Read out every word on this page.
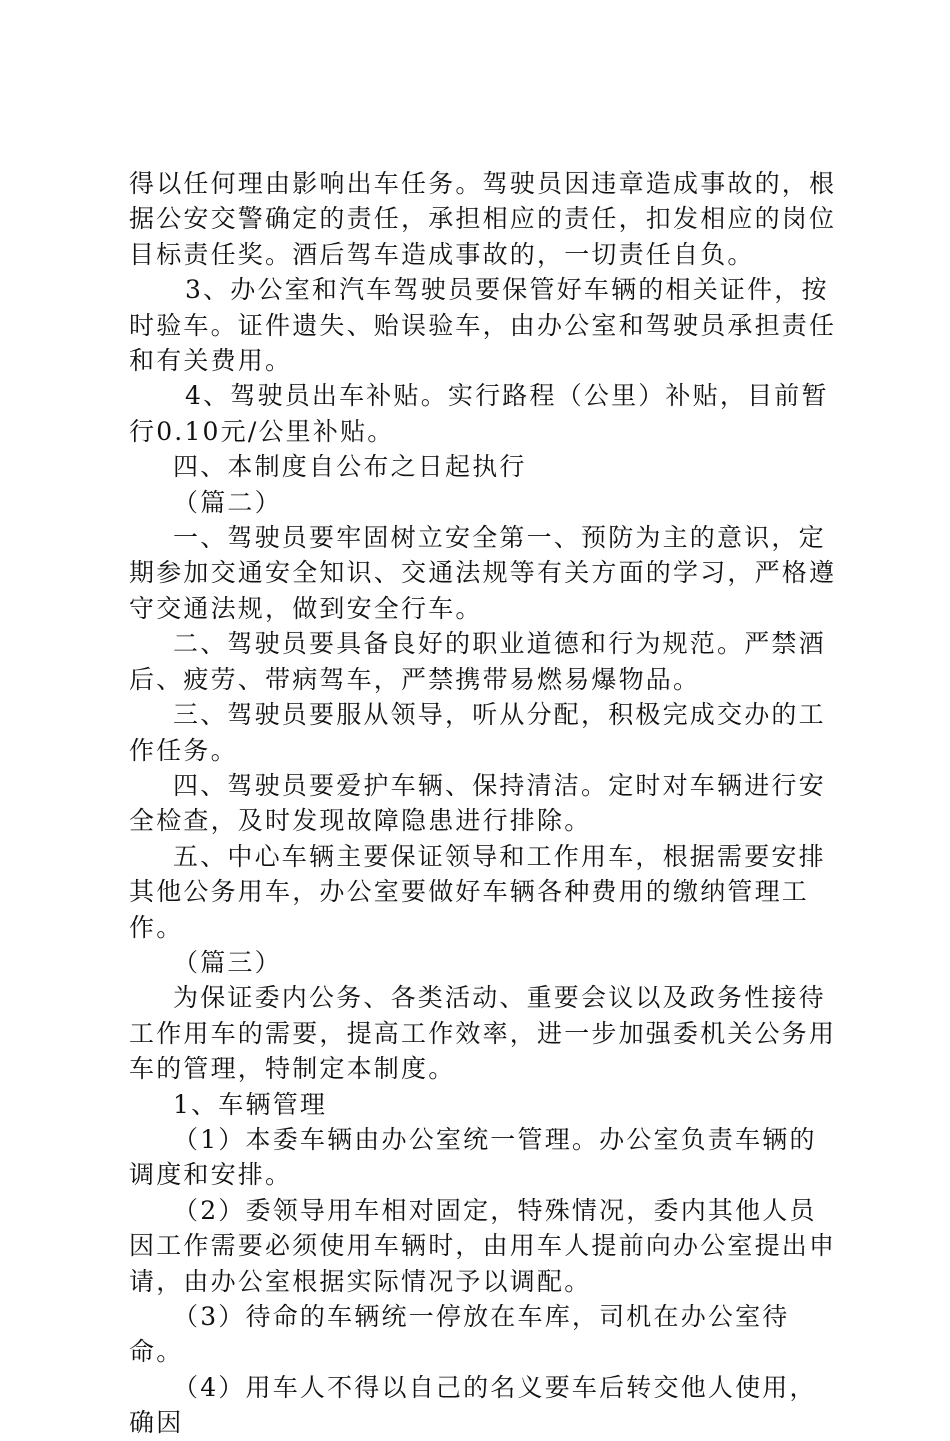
得以任何理由影响出车任务。驾驶员因违章造成事故的，根据公安交警确定的责任，承担相应的责任，扣发相应的岗位目标责任奖。酒后驾车造成事故的，一切责任自负。

3、办公室和汽车驾驶员要保管好车辆的相关证件，按时验车。证件遗失、贻误验车，由办公室和驾驶员承担责任和有关费用。

4、驾驶员出车补贴。实行路程（公里）补贴，目前暂行0.10元/公里补贴。

四、本制度自公布之日起执行

（篇二）

一、驾驶员要牢固树立安全第一、预防为主的意识，定期参加交通安全知识、交通法规等有关方面的学习，严格遵守交通法规，做到安全行车。

二、驾驶员要具备良好的职业道德和行为规范。严禁酒后、疲劳、带病驾车，严禁携带易燃易爆物品。

三、驾驶员要服从领导，听从分配，积极完成交办的工作任务。

四、驾驶员要爱护车辆、保持清洁。定时对车辆进行安全检查，及时发现故障隐患进行排除。

五、中心车辆主要保证领导和工作用车，根据需要安排其他公务用车，办公室要做好车辆各种费用的缴纳管理工作。

（篇三）

为保证委内公务、各类活动、重要会议以及政务性接待工作用车的需要，提高工作效率，进一步加强委机关公务用车的管理，特制定本制度。

1、车辆管理

（1）本委车辆由办公室统一管理。办公室负责车辆的调度和安排。

（2）委领导用车相对固定，特殊情况，委内其他人员因工作需要必须使用车辆时，由用车人提前向办公室提出申请，由办公室根据实际情况予以调配。

（3）待命的车辆统一停放在车库，司机在办公室待命。

（4）用车人不得以自己的名义要车后转交他人使用，确因
